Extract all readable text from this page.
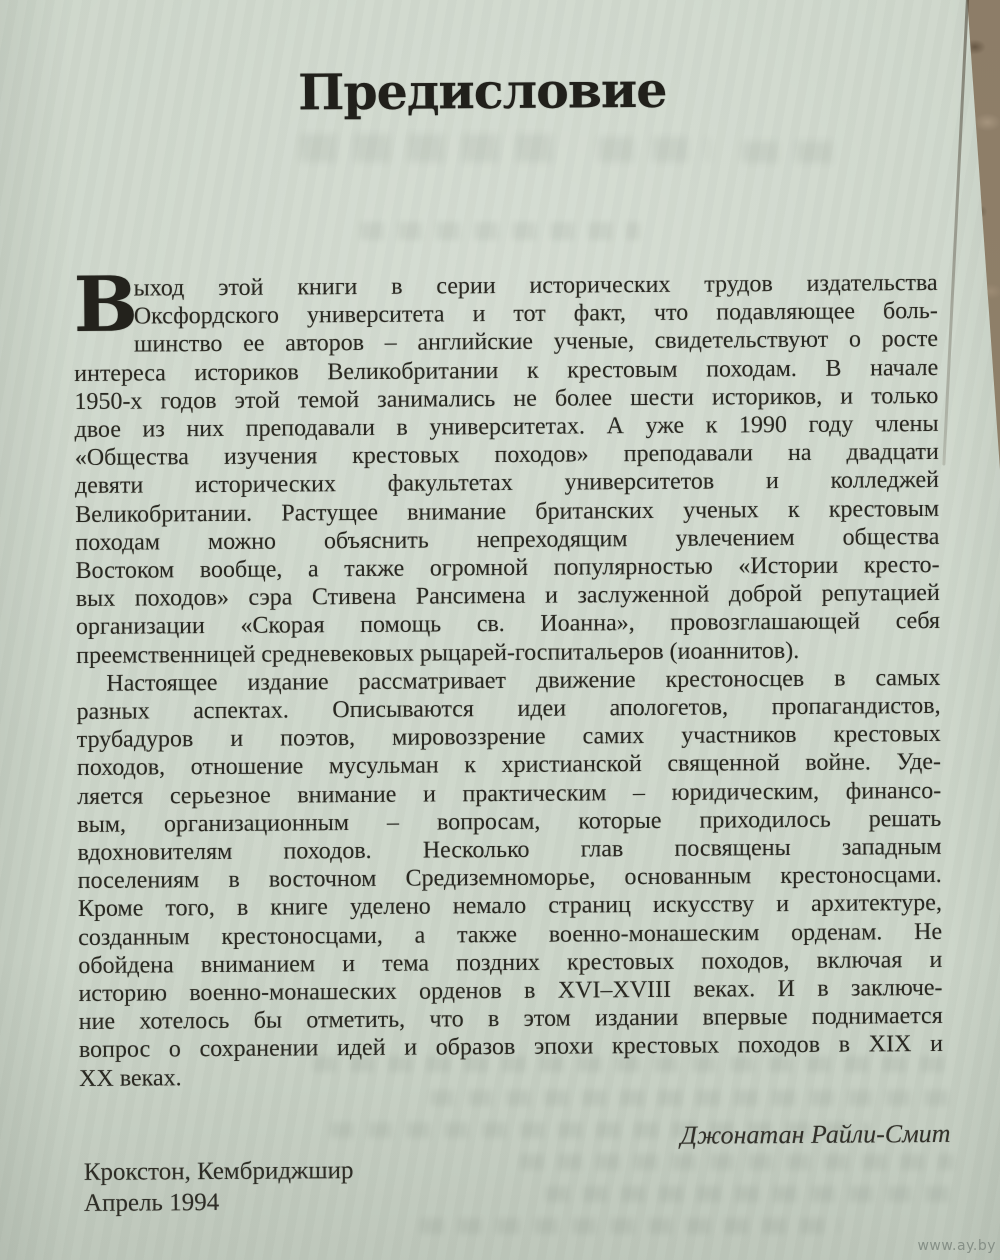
Предисловие
В
ыход этой книги в серии исторических трудов издательства
Оксфордского университета и тот факт, что подавляющее боль-
шинство ее авторов – английские ученые, свидетельствуют о росте
интереса историков Великобритании к крестовым походам. В начале
1950-х годов этой темой занимались не более шести историков, и только
двое из них преподавали в университетах. А уже к 1990 году члены
«Общества изучения крестовых походов» преподавали на двадцати
девяти исторических факультетах университетов и колледжей
Великобритании. Растущее внимание британских ученых к крестовым
походам можно объяснить непреходящим увлечением общества
Востоком вообще, а также огромной популярностью «Истории кресто-
вых походов» сэра Стивена Рансимена и заслуженной доброй репутацией
организации «Скорая помощь св. Иоанна», провозглашающей себя
преемственницей средневековых рыцарей-госпитальеров (иоаннитов).
Настоящее издание рассматривает движение крестоносцев в самых
разных аспектах. Описываются идеи апологетов, пропагандистов,
трубадуров и поэтов, мировоззрение самих участников крестовых
походов, отношение мусульман к христианской священной войне. Уде-
ляется серьезное внимание и практическим – юридическим, финансо-
вым, организационным – вопросам, которые приходилось решать
вдохновителям походов. Несколько глав посвящены западным
поселениям в восточном Средиземноморье, основанным крестоносцами.
Кроме того, в книге уделено немало страниц искусству и архитектуре,
созданным крестоносцами, а также военно-монашеским орденам. Не
обойдена вниманием и тема поздних крестовых походов, включая и
историю военно-монашеских орденов в XVI–XVIII веках. И в заключе-
ние хотелось бы отметить, что в этом издании впервые поднимается
вопрос о сохранении идей и образов эпохи крестовых походов в XIX и
XX веках.
Джонатан Райли-Смит
Крокстон, Кембриджшир
Апрель 1994
www.ay.by
